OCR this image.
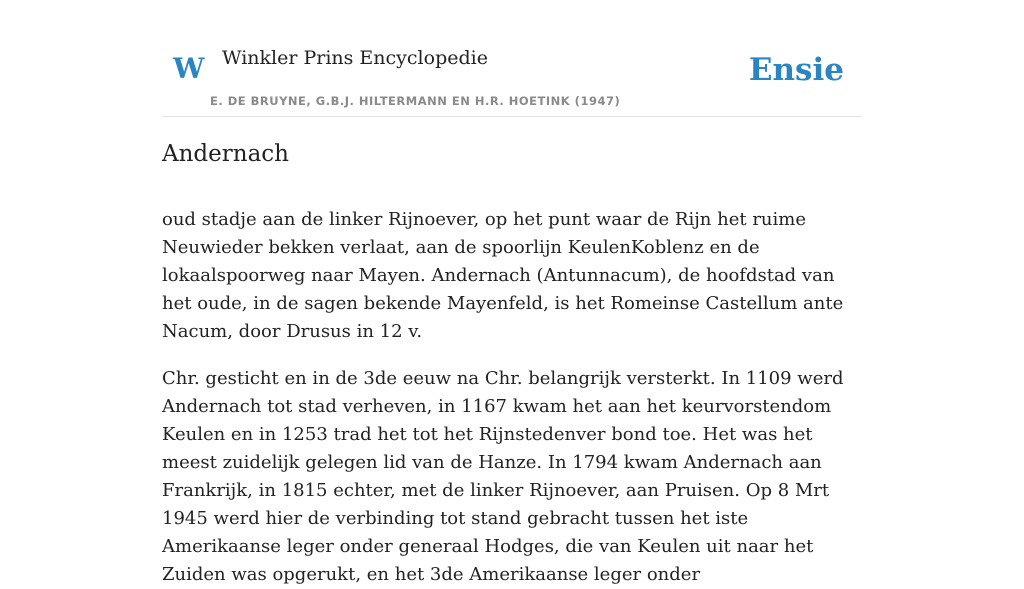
W Winkler Prins Encyclopedie
E. DE BRUYNE, G.B.J. HILTERMANN EN H.R. HOETINK (1947)
Ensie
Andernach

oud stadje aan de linker Rijnoever, op het punt waar de Rijn het ruime Neuwieder bekken verlaat, aan de spoorlijn KeulenKoblenz en de lokaalspoorweg naar Mayen. Andernach (Antunnacum), de hoofdstad van het oude, in de sagen bekende Mayenfeld, is het Romeinse Castellum ante Nacum, door Drusus in 12 v.

Chr. gesticht en in de 3de eeuw na Chr. belangrijk versterkt. In 1109 werd Andernach tot stad verheven, in 1167 kwam het aan het keurvorstendom Keulen en in 1253 trad het tot het Rijnstedenver bond toe. Het was het meest zuidelijk gelegen lid van de Hanze. In 1794 kwam Andernach aan Frankrijk, in 1815 echter, met de linker Rijnoever, aan Pruisen. Op 8 Mrt 1945 werd hier de verbinding tot stand gebracht tussen het iste Amerikaanse leger onder generaal Hodges, die van Keulen uit naar het Zuiden was opgerukt, en het 3de Amerikaanse leger onder
